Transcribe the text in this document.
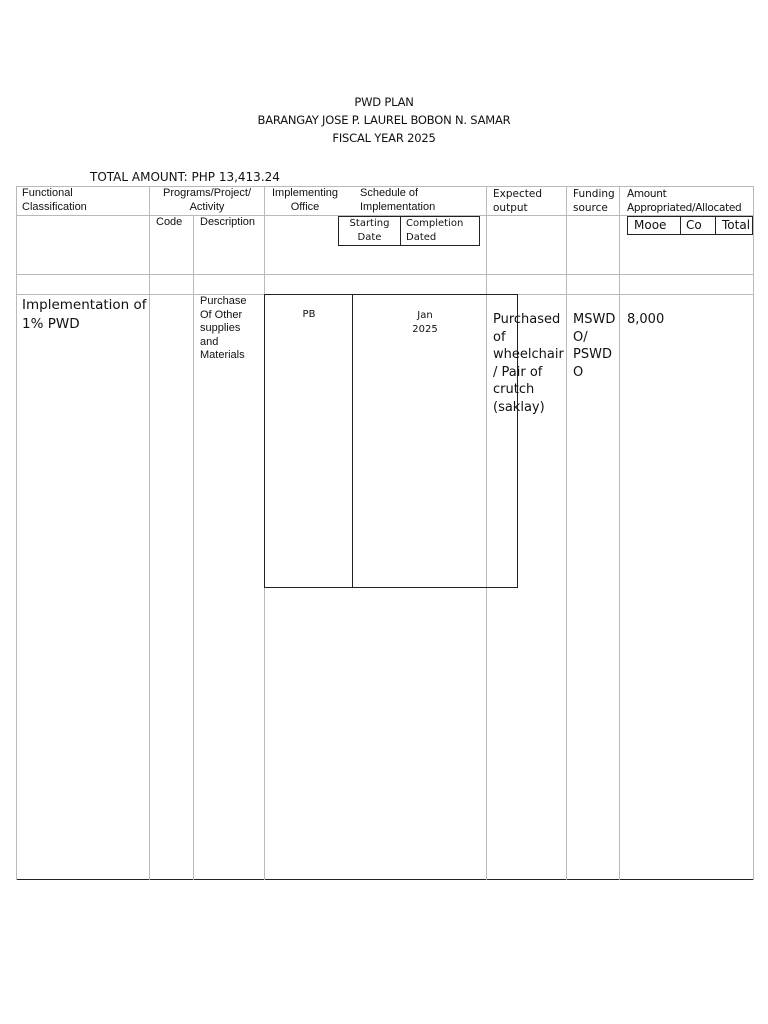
PWD PLAN
BARANGAY JOSE P. LAUREL BOBON N. SAMAR
FISCAL YEAR 2025
TOTAL AMOUNT: PHP 13,413.24
Functional
Classification
Programs/Project/
Activity
Implementing
Office
Schedule of
Implementation
Expected
output
Funding
source
Amount
Appropriated/Allocated
Code Description	Starting
Date
Completion
Dated
Mooe Co Total
Implementation of
1% PWD
Purchase
Of Other
supplies
and
Materials
PB	Jan
2025
Purchased
of
wheelchair
/ Pair of
crutch
(saklay)
MSWD
O/
PSWD
O
8,000
